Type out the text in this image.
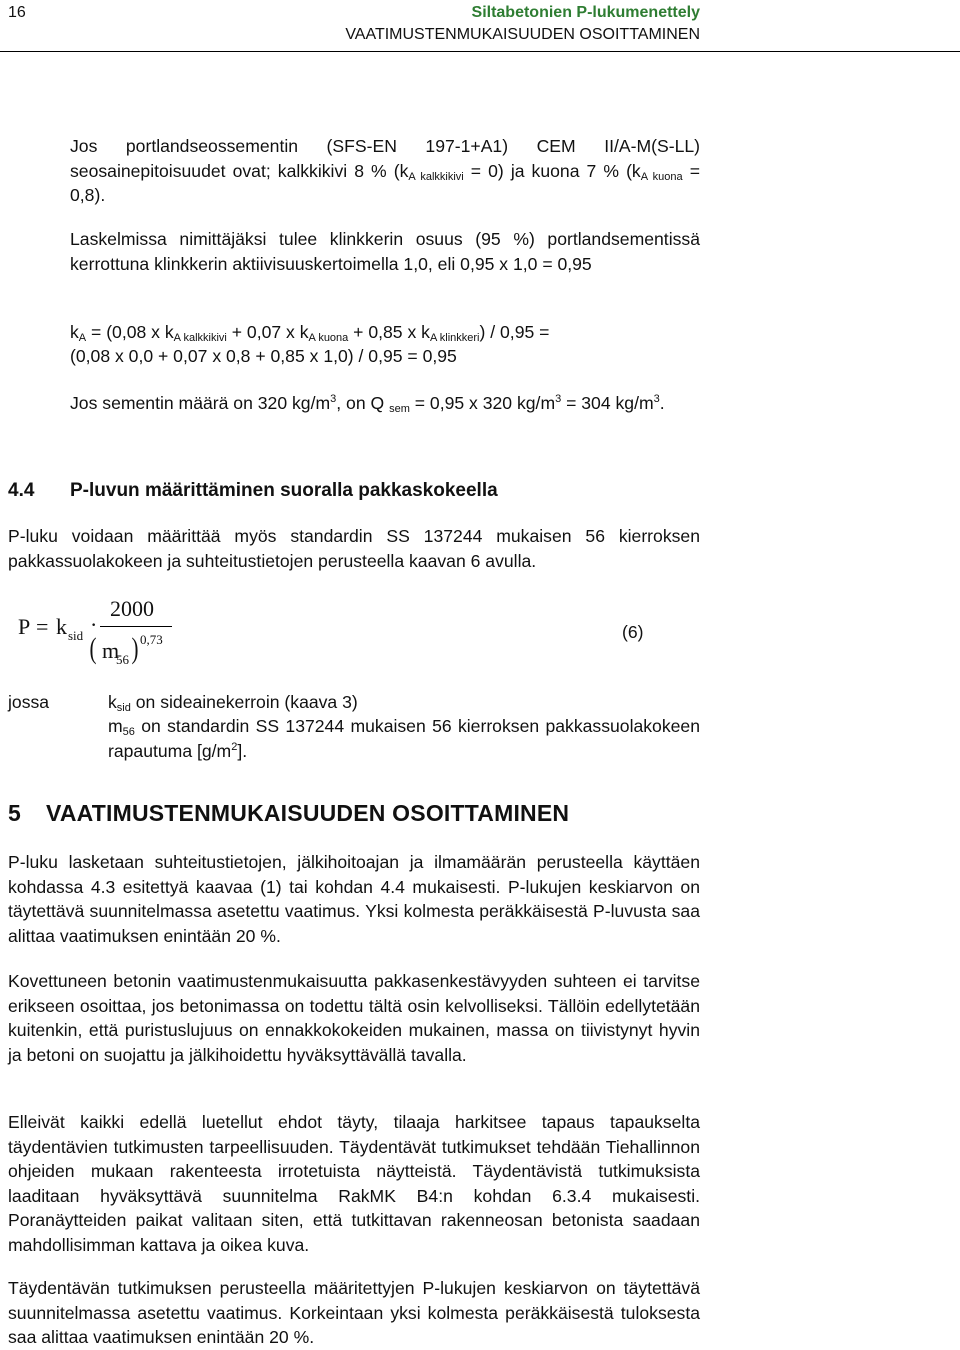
16	Siltabetonien P-lukumenettely
VAATIMUSTENMUKAISUUDEN OSOITTAMINEN

Jos portlandseossementin (SFS-EN 197-1+A1) CEM II/A-M(S-LL) seosainepitoisuudet ovat; kalkkikivi 8 % $(k_{A kalkkikivi} = 0)$ ja kuona 7 % $(k_{A kuona} = 0,8)$.

Laskelmissa nimittäjäksi tulee klinkkerin osuus (95 %) portlandsementissä kerrottuna klinkkerin aktiivisuuskertoimella 1,0, eli 0,95 x 1,0 = 0,95

$k_A = (0,08$ x $k_{A kalkkikivi} + 0,07$ x $k_{A kuona} + 0,85$ x $k_{A klinkkeri}) / 0,95$ =

(0,08 x 0,0 + 0,07 x 0,8 + 0,85 x 1,0) / 0,95 = 0,95

Jos sementin määrä on 320 $kg/m^3$, on Q $_{sem}$ = 0,95 x 320 $kg/m^3 = 304$ $kg/m^3$.

4.4 P-luvun määrittäminen suoralla pakkaskokeella

P-luku voidaan määrittää myös standardin SS 137244 mukaisen 56 kierroksen pakkassuolakokeen ja suhteitustietojen perusteella kaavan 6 avulla.

P = k sid ·
2000
( m
56 ) 0,73	(6)
jossa	$k_{sid}$ on sideainekerroin (kaava 3)

$m_{56}$ on standardin SS 137244 mukaisen 56 kierroksen pakkassuolakokeen rapautuma $[g/m^2]$.

5 VAATIMUSTENMUKAISUUDEN OSOITTAMINEN

P-luku lasketaan suhteitustietojen, jälkihoitoajan ja ilmamäärän perusteella käyttäen kohdassa 4.3 esitettyä kaavaa (1) tai kohdan 4.4 mukaisesti. P-lukujen keskiarvon on täytettävä suunnitelmassa asetettu vaatimus. Yksi kolmesta peräkkäisestä P-luvusta saa alittaa vaatimuksen enintään 20 %.

Kovettuneen betonin vaatimustenmukaisuutta pakkasenkestävyyden suhteen ei tarvitse erikseen osoittaa, jos betonimassa on todettu tältä osin kelvolliseksi. Tällöin edellytetään kuitenkin, että puristuslujuus on ennakkokokeiden mukainen, massa on tiivistynyt hyvin ja betoni on suojattu ja jälkihoidettu hyväksyttävällä tavalla.

Elleivät kaikki edellä luetellut ehdot täyty, tilaaja harkitsee tapaus tapaukselta täydentävien tutkimusten tarpeellisuuden. Täydentävät tutkimukset tehdään Tiehallinnon ohjeiden mukaan rakenteesta irrotetuista näytteistä. Täydentävistä tutkimuksista laaditaan hyväksyttävä suunnitelma RakMK B4:n kohdan 6.3.4 mukaisesti. Poranäytteiden paikat valitaan siten, että tutkittavan rakenneosan betonista saadaan mahdollisimman kattava ja oikea kuva.

Täydentävän tutkimuksen perusteella määritettyjen P-lukujen keskiarvon on täytettävä suunnitelmassa asetettu vaatimus. Korkeintaan yksi kolmesta peräkkäisestä tuloksesta saa alittaa vaatimuksen enintään 20 %.
